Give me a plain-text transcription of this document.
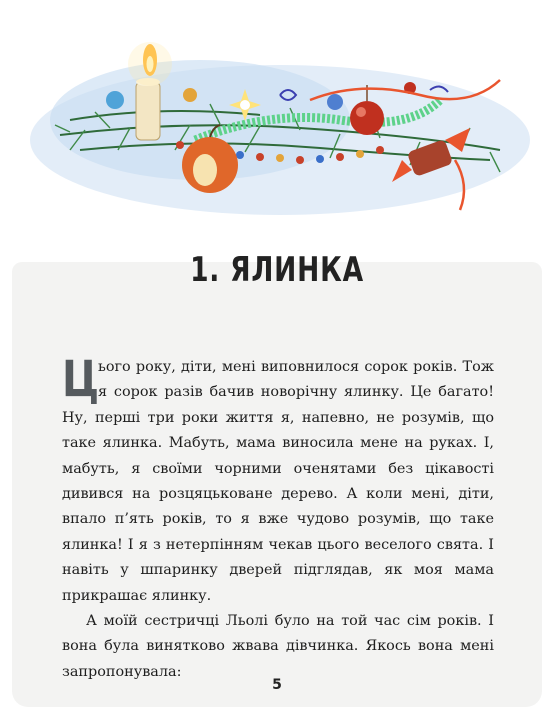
1. ЯЛИНКА

Ц
ього року, діти, мені виповнилося сорок років. Тож я сорок разів бачив новорічну ялинку. Це багато! Ну, перші три роки життя я, напевно, не розумів, що таке ялинка. Мабуть, мама виносила мене на руках. І, мабуть, я своїми чорними оченятами без цікавості дивився на розцяцьковане дерево. А коли мені, діти, впало п’ять років, то я вже чудово розумів, що таке ялинка! І я з нетерпінням чекав цього веселого свята. І навіть у шпаринку дверей підглядав, як моя мама прикрашає ялинку.

А моїй сестричці Льолі було на той час сім років. І вона була винятково жвава дівчинка. Якось вона мені запропонувала:

5
